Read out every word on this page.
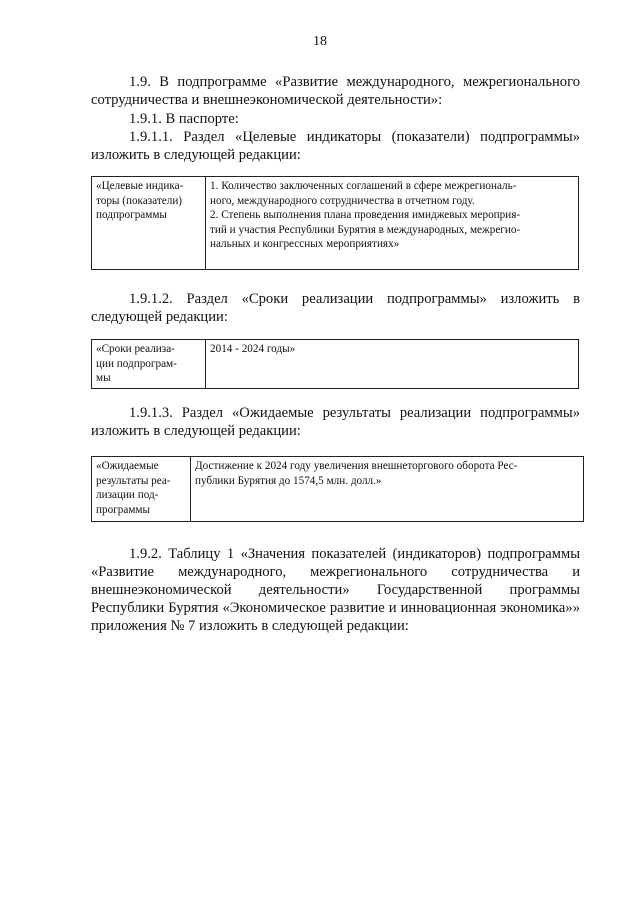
18

1.9. В подпрограмме «Развитие международного, межрегионального сотрудничества и внешнеэкономической деятельности»:

1.9.1. В паспорте:

1.9.1.1. Раздел «Целевые индикаторы (показатели) подпрограммы» изложить в следующей редакции:

«Целевые индика-
торы (показатели)
подпрограммы	1. Количество заключенных соглашений в сфере межрегиональ-
ного, международного сотрудничества в отчетном году.
2. Степень выполнения плана проведения имиджевых мероприя-
тий и участия Республики Бурятия в международных, межрегио-
нальных и конгрессных мероприятиях»

1.9.1.2. Раздел «Сроки реализации подпрограммы» изложить в следующей редакции:

«Сроки реализа-
ции подпрограм-
мы	2014 - 2024 годы»

1.9.1.3. Раздел «Ожидаемые результаты реализации подпрограммы» изложить в следующей редакции:

«Ожидаемые
результаты реа-
лизации под-
программы	Достижение к 2024 году увеличения внешнеторгового оборота Рес-
публики Бурятия до 1574,5 млн. долл.»

1.9.2. Таблицу 1 «Значения показателей (индикаторов) подпрограммы «Развитие международного, межрегионального сотрудничества и внешнеэкономической деятельности» Государственной программы Республики Бурятия «Экономическое развитие и инновационная экономика»» приложения № 7 изложить в следующей редакции:
